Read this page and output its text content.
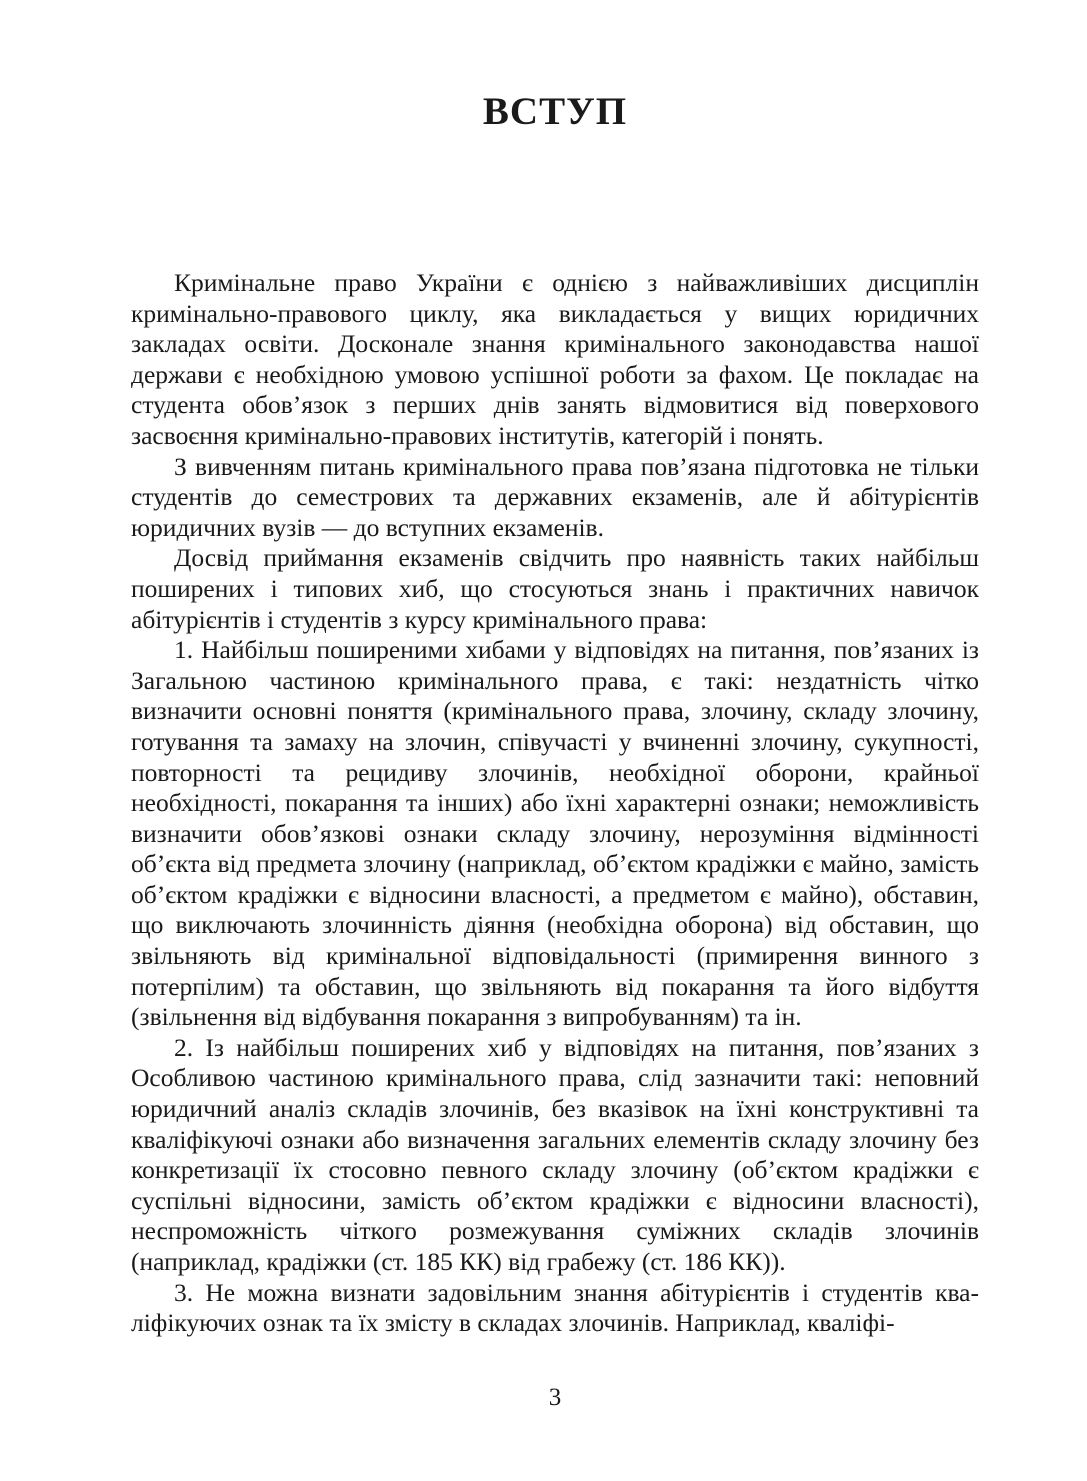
ВСТУП

Кримінальне право України є однією з найважливіших дисциплін кримінально-правового циклу, яка викладається у вищих юридичних закладах освіти. Досконале знання кримінального законодавства нашої держави є необхідною умовою успішної роботи за фахом. Це покладає на студента обов’язок з перших днів занять відмовитися від поверхового засвоєння кримінально-правових інститутів, категорій і понять.

З вивченням питань кримінального права пов’язана підготовка не тільки студентів до семестрових та державних екзаменів, але й абітурієнтів юридичних вузів — до вступних екзаменів.

Досвід приймання екзаменів свідчить про наявність таких найбільш поширених і типових хиб, що стосуються знань і практичних навичок абітурієнтів і студентів з курсу кримінального права:

1. Найбільш поширеними хибами у відповідях на питання, пов’язаних із Загальною частиною кримінального права, є такі: нездaтність чітко визначити основні поняття (кримінального права, злочину, складу злочину, готування та замаху на злочин, співучасті у вчиненні злочину, сукупності, повторності та рецидиву злочинів, необхідної оборони, крайньої необхідності, покарання та інших) або їхні характерні ознаки; неможливість визначити обов’язкові ознаки складу злочину, нерозуміння відмінності об’єкта від предмета злочину (наприклад, об’єктом крадіжки є майно, замість об’єктом крадіжки є відносини власності, а предметом є майно), обставин, що виключають злочинність діяння (необхідна оборона) від обставин, що звільняють від кримінальної відповідальності (примирення винного з потерпілим) та обставин, що звільняють від покарання та його відбуття (звільнення від відбування покарання з випробуванням) та ін.

2. Із найбільш поширених хиб у відповідях на питання, пов’язаних з Особливою частиною кримінального права, слід зазначити такі: неповний юридичний аналіз складів злочинів, без вказівок на їхні конструктивні та кваліфікуючі ознаки або визначення загальних елементів складу злочину без конкретизації їх стосовно певного складу злочину (об’єктом крадіжки є суспільні відносини, замість об’єктом крадіжки є відносини власності), неспроможність чіткого розмежування суміжних складів злочинів (наприклад, крадіжки (ст. 185 КК) від грабежу (ст. 186 КК)).

3. Не можна визнати задовільним знання абітурієнтів і студентів кваліфікуючих ознак та їх змісту в складах злочинів. Наприклад, кваліфі-

3
